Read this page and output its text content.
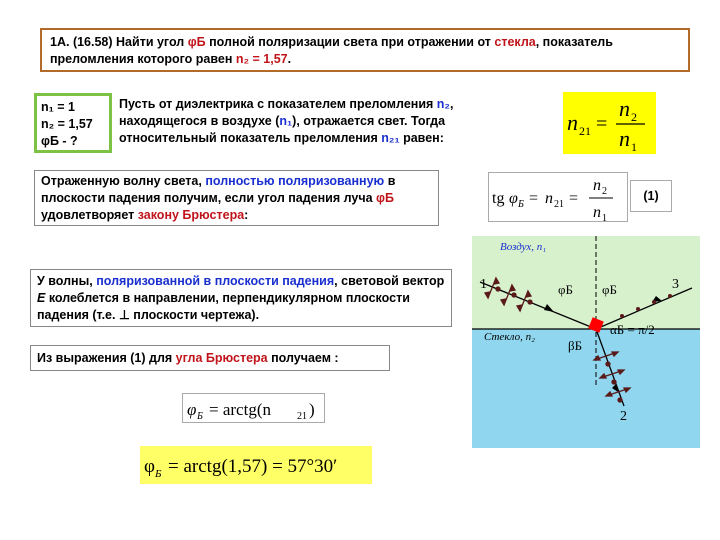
1А. (16.58) Найти угол φБ полной поляризации света при отражении от стекла, показатель преломления которого равен n₂ = 1,57.
n₁ = 1
n₂ = 1,57
φБ - ?
Пусть от диэлектрика с показателем преломления n₂, находящегося в воздухе (n₁), отражается свет. Тогда относительный показатель преломления n₂₁ равен:
n 21 =
n 2
n 1
Отраженную волну света, полностью поляризованную в плоскости падения получим, если угол падения луча φБ удовлетворяет закону Брюстера:
tg φ Б = n 21 =
n 2
n 1
(1)
Воздух, n₁
Стекло, n₂
1	3
2
φБ φБ
αБ = π/2
βБ
У волны, поляризованной в плоскости падения, световой вектор E колеблется в направлении, перпендикулярном плоскости падения (т.е. ⊥ плоскости чертежа).
Из выражения (1) для угла Брюстера получаем :
φ Б = arctg(n	21 )
φ Б = arctg(1,57) = 57°30′
